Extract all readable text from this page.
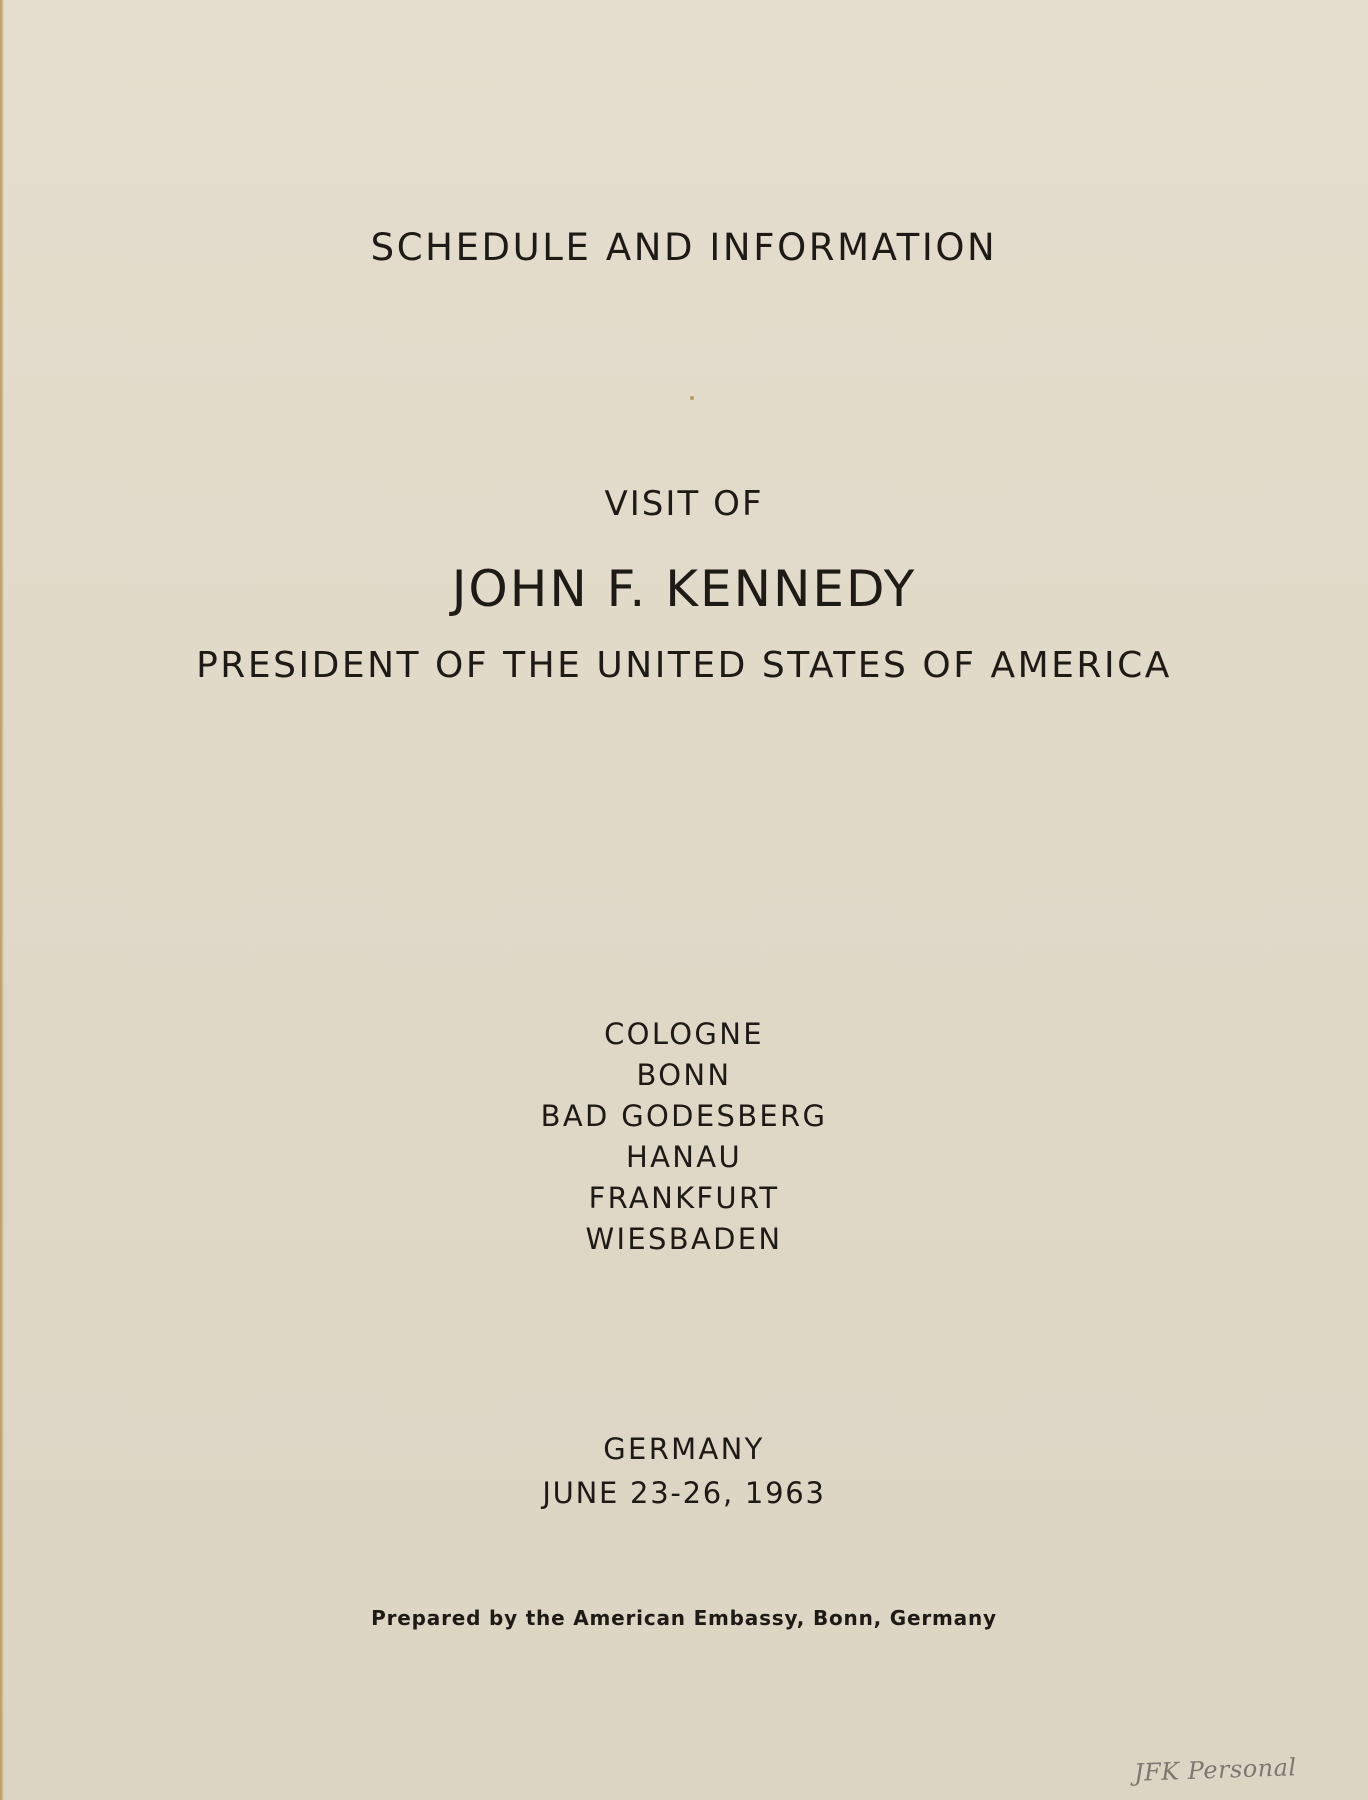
SCHEDULE AND INFORMATION
VISIT OF
JOHN F. KENNEDY
PRESIDENT OF THE UNITED STATES OF AMERICA
COLOGNE
BONN
BAD GODESBERG
HANAU
FRANKFURT
WIESBADEN
GERMANY
JUNE 23-26, 1963
Prepared by the American Embassy, Bonn, Germany
JFK Personal
